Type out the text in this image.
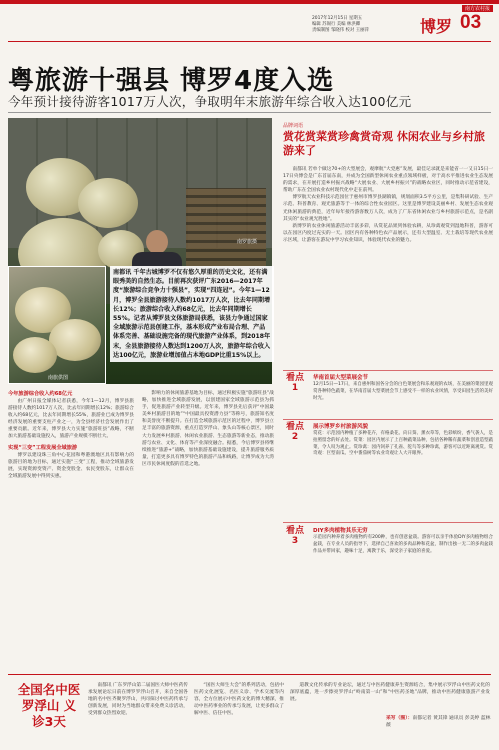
南方农村报
2017年12月15日 星期五
编辑 苏锡行 美编 林洪卿
责编制图 邹晓伟 校对 王丽萍	博罗 03
粤旅游十强县 博罗4度入选
今年预计接待游客1017万人次，争取明年末旅游年综合收入达100亿元
南罗旅摄
南旅供图
南都讯 千年古城博罗不仅有悠久厚重的历史文化，还有满眼秀美的自然生态。目前再次获评广东2016—2017年度“旅游综合竞争力十强县”，实现“四连冠”。今年1—12月，博罗全县旅游接待人数约1017万人次，比去年同期增长12%；旅游综合收入约68亿元，比去年同期增长55%。记者从博罗县文体旅游局获悉，该县力争通过国家全域旅游示范县创建工作，基本形成产业布局合理、产品体系完善、基础设施完备的现代旅游产业体系，到2018年末，全县旅游接待人数达到1200万人次，旅游年综合收入达100亿元，旅游业增加值占本地GDP比重15%以上。
品牌词语
赏花赏菜赏珍禽赏奇观 休闲农业与乡村旅游来了

南都讯 若单个做这70+的大型展会，观摩航“大党惠”发展，最佳记录就是来能省一一又日15日一17日央博会是广东首届东南，并成为全国新型休闲农业重点领域样板，对于高水平推进农业生态发展的需求，在开展打造乡村振兴战略“大展农业、大展乡村振兴”的战略农业区，同时推动示范省建设，帮助广东在全国农业农村现代化中走在前列。

博罗航天农业科技示范园位于惠州市博罗县湖镇镇，规划面积3.5平方公里，是集科研试验、生产示范、科普教育、观光旅游等于一体的综合性农业园区。这里是博罗建设美丽乡村、发展生态农业观光休闲旅游的典范，近年每年接待游客数万人次，成为了广东省休闲农业与乡村旅游示范点，是名副其实的“农业观光胜地”。

新博罗的农业休闲旅游活动丰富多彩，从赏花品果到体验农耕，从珍禽观赏到湿地科普，游客可以在园区内度过充实的一天。园区内有各种特色农产品展示，还有大型温室、无土栽培等现代农业展示区域，让游客在游玩中学习农业知识，体验现代农业的魅力。

看点
1
华南首届大型菜展会节
12月15日—17日，来自惠州和国各分会的白色菜展会和乐观观的农场，在美丽的菜园里观赏各种特色蔬菜，在华南首届大型菜展会节上感受不一样的农业风情，享受田园生活的美好时光。
看点
2
展示博罗乡村旅游风貌
赏花：示范园内种植了多种花卉，有格桑花、向日葵、薰衣草等，色彩缤纷，香气袭人，是拍照留念的好去处。赏菜：园区内展示了上百种蔬菜品种，包括各种稀有蔬菜和创意造型蔬菜，令人叹为观止。赏珍禽：园内饲养了孔雀、鸵鸟等多种珍禽，游客可以近距离观赏。赏奇观：巨型南瓜、空中番茄树等农业奇观让人大开眼界。
看点
3
DIY多肉植物其乐无穷
示范园内种养着多肉植物约有200种，也有创意盆栽。游客可以亲手体验DIY多肉植物组合盆栽，在专业人员的指导下，选择自己喜欢的多肉品种和花盆，制作出独一无二的多肉盆栽作品并带回家，趣味十足，寓教于乐，深受亲子家庭的喜爱。
今年旅游综合收入约68亿元

由广州日报全媒体记者获悉，今年1—12月，博罗县旅游接待人数约1017万人次，比去年同期增长12%；旅游综合收入约68亿元，比去年同期增长55%，旅游业已成为博罗县经济发展的重要支柱产业之一，为全县经济社会发展作出了重要贡献。近年来，博罗县大力实施“旅游旺县”战略，不断加大旅游基础设施投入，旅游产业规模不断壮大。

实现“三变”工程发展全域旅游

博罗以建设珠三角中心花园和粤港澳地区具有影响力的旅游目的地为目标，通过实施“三变”工程，推动全域旅游发展，实现资源变资产、资金变股金、农民变股东，让群众在全域旅游发展中得到实惠。

影响力的休闲旅游基地为目标，通过积极实施“旅游旺县”战略，加快推进全域旅游发展，以创建国家全域旅游示范县为抓手，促进旅游产业转型升级。近年来，博罗县先后获评“中国最美乡村旅游目的地”“中国最具投资潜力县”等称号，旅游知名度和美誉度不断提升。在打造全域旅游示范区的过程中，博罗县立足丰富的旅游资源，重点打造罗浮山、象头山等核心景区，同时大力发展乡村旅游、休闲农业旅游、生态旅游等新业态，推动旅游与农业、文化、体育等产业深度融合。据悉，今后博罗县将继续推进“旅游+”战略，加快旅游基础设施建设，提升旅游服务质量，打造更多具有博罗特色的旅游产品和线路，让博罗成为大湾区市民休闲度假的首选之地。

全国名中医 罗浮山 义诊3天

南都讯 广东罗浮山第二届国医大师中医药传承发展论坛日前在博罗罗浮山召开，来自全国各地的名中医齐聚罗浮山，共同探讨中医药传承与创新发展，同时为当地群众带来免费义诊活动，受到群众热烈欢迎。

“国医大师生大会”的系列活动，包括中医药文化展览、名医义诊、学术交流等内容，全方位展示中医药文化的博大精深，推动中医药事业的传承与发展，让更多群众了解中医、信任中医。

道教文化传承的专业论坛，通过与中医药健康养生资源结合，集中展示罗浮山中医药文化的深厚底蕴，进一步擦亮罗浮山“岭南第一山”和“中医药圣地”品牌，推动中医药健康旅游产业发展。

采写（图）：南都记者 黄其锋 通讯员 彭美婷 蓝林薇
